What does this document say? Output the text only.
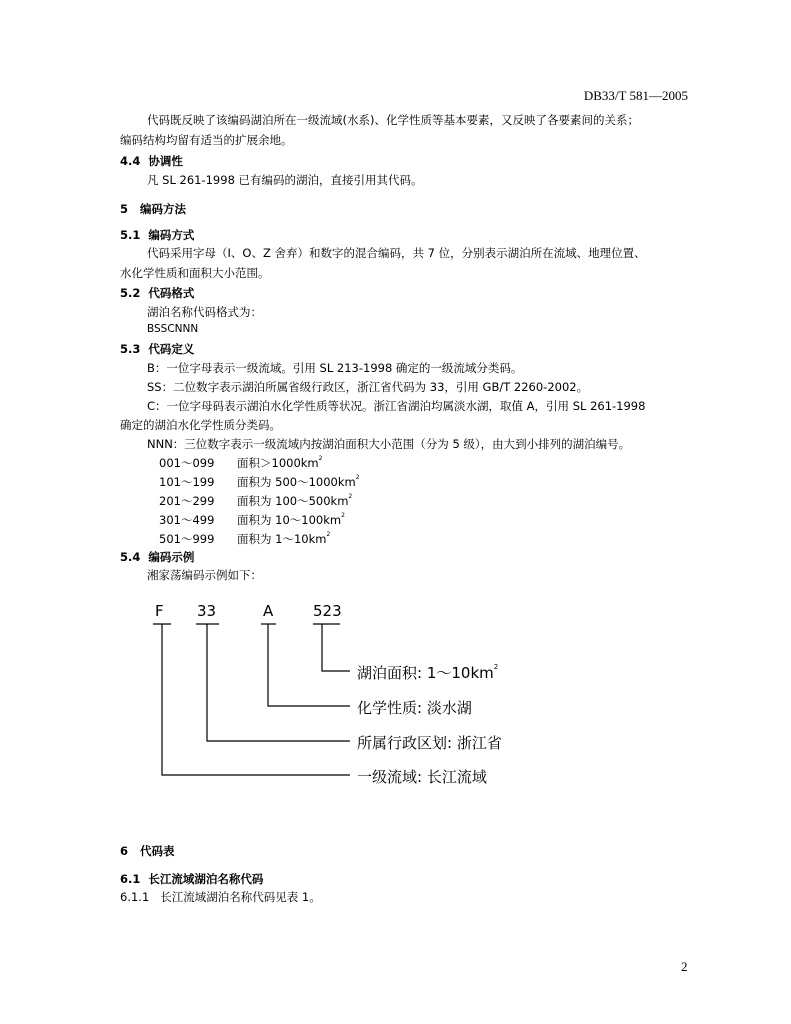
DB33/T 581—2005
代码既反映了该编码湖泊所在一级流域(水系)、化学性质等基本要素，又反映了各要素间的关系；
编码结构均留有适当的扩展余地。
4.4 协调性
凡 SL 261-1998 已有编码的湖泊，直接引用其代码。
5 编码方法
5.1 编码方式
代码采用字母（I、O、Z 舍弃）和数字的混合编码，共 7 位，分别表示湖泊所在流域、地理位置、
水化学性质和面积大小范围。
5.2 代码格式
湖泊名称代码格式为：
BSSCNNN
5.3 代码定义
B：一位字母表示一级流域。引用 SL 213-1998 确定的一级流域分类码。
SS：二位数字表示湖泊所属省级行政区，浙江省代码为 33，引用 GB/T 2260-2002。
C：一位字母码表示湖泊水化学性质等状况。浙江省湖泊均属淡水湖，取值 A，引用 SL 261-1998
确定的湖泊水化学性质分类码。
NNN：三位数字表示一级流域内按湖泊面积大小范围（分为 5 级），由大到小排列的湖泊编号。
001～099 面积$>1000km^2$
101～199 面积为 $500\sim 1000km^2$
201～299 面积为 $100\sim 500km^2$
301～499 面积为 $10\sim 100km^2$
501～999 面积为 $1\sim 10km^2$
5.4 编码示例
湘家荡编码示例如下：
F 33	A	523
湖泊面积: $1\sim 10km^2$
化学性质: 淡水湖
所属行政区划: 浙江省
一级流域: 长江流域
6 代码表
6.1 长江流域湖泊名称代码
6.1.1 长江流域湖泊名称代码见表 1。
2
